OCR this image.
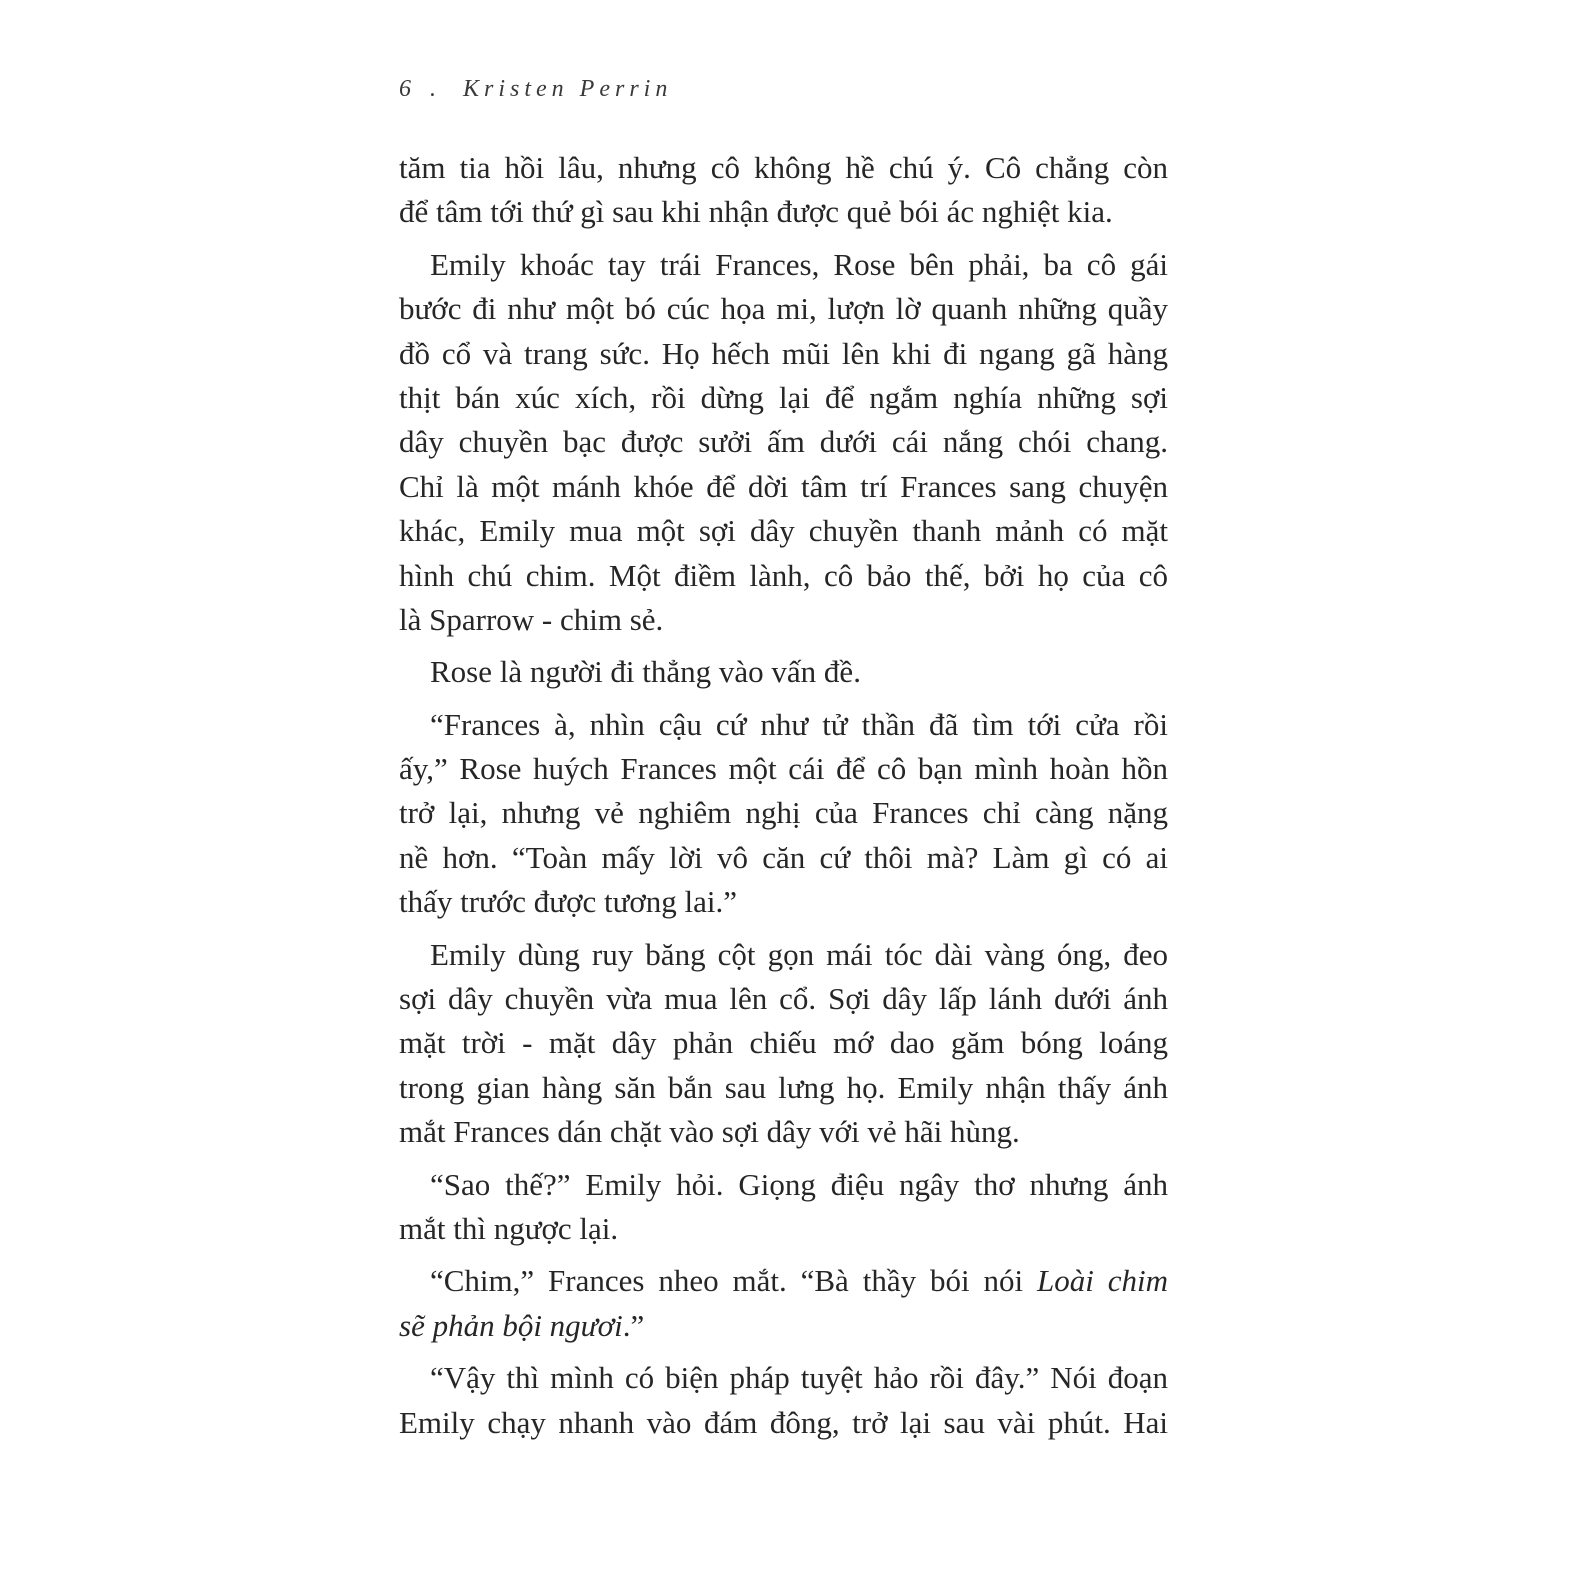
6 . Kristen Perrin
tăm tia hồi lâu, nhưng cô không hề chú ý. Cô chẳng còn
để tâm tới thứ gì sau khi nhận được quẻ bói ác nghiệt kia.
Emily khoác tay trái Frances, Rose bên phải, ba cô gái
bước đi như một bó cúc họa mi, lượn lờ quanh những quầy
đồ cổ và trang sức. Họ hếch mũi lên khi đi ngang gã hàng
thịt bán xúc xích, rồi dừng lại để ngắm nghía những sợi
dây chuyền bạc được sưởi ấm dưới cái nắng chói chang.
Chỉ là một mánh khóe để dời tâm trí Frances sang chuyện
khác, Emily mua một sợi dây chuyền thanh mảnh có mặt
hình chú chim. Một điềm lành, cô bảo thế, bởi họ của cô
là Sparrow - chim sẻ.
Rose là người đi thẳng vào vấn đề.
“Frances à, nhìn cậu cứ như tử thần đã tìm tới cửa rồi
ấy,” Rose huých Frances một cái để cô bạn mình hoàn hồn
trở lại, nhưng vẻ nghiêm nghị của Frances chỉ càng nặng
nề hơn. “Toàn mấy lời vô căn cứ thôi mà? Làm gì có ai
thấy trước được tương lai.”
Emily dùng ruy băng cột gọn mái tóc dài vàng óng, đeo
sợi dây chuyền vừa mua lên cổ. Sợi dây lấp lánh dưới ánh
mặt trời - mặt dây phản chiếu mớ dao găm bóng loáng
trong gian hàng săn bắn sau lưng họ. Emily nhận thấy ánh
mắt Frances dán chặt vào sợi dây với vẻ hãi hùng.
“Sao thế?” Emily hỏi. Giọng điệu ngây thơ nhưng ánh
mắt thì ngược lại.
“Chim,” Frances nheo mắt. “Bà thầy bói nói Loài chim
sẽ phản bội ngươi.”
“Vậy thì mình có biện pháp tuyệt hảo rồi đây.” Nói đoạn
Emily chạy nhanh vào đám đông, trở lại sau vài phút. Hai
